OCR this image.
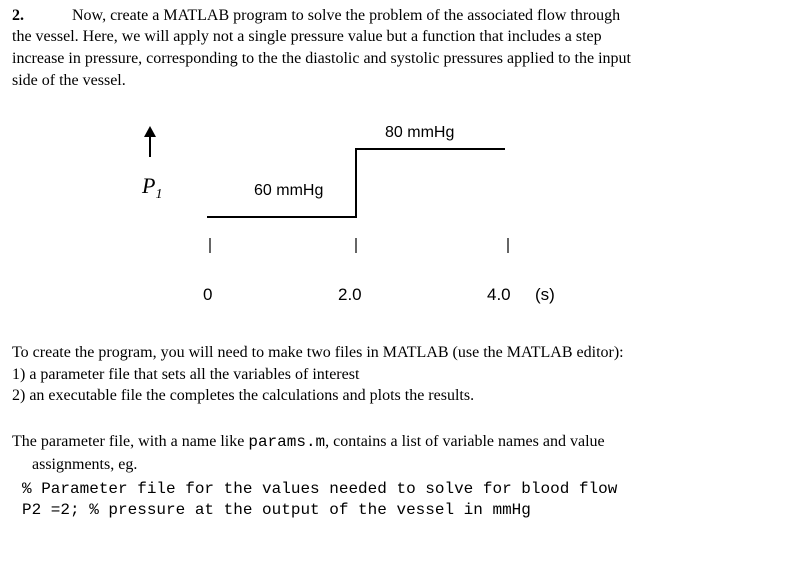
2.	Now, create a MATLAB program to solve the problem of the associated flow through
the vessel. Here, we will apply not a single pressure value but a function that includes a step
increase in pressure, corresponding to the the diastolic and systolic pressures applied to the input
side of the vessel.
$P_1$	60 mmHg
80 mmHg
0	2.0	4.0 (s)
To create the program, you will need to make two files in MATLAB (use the MATLAB editor):
1) a parameter file that sets all the variables of interest
2) an executable file the completes the calculations and plots the results.
The parameter file, with a name like params.m, contains a list of variable names and value
assignments, eg.
% Parameter file for the values needed to solve for blood flow
P2 =2; % pressure at the output of the vessel in mmHg
